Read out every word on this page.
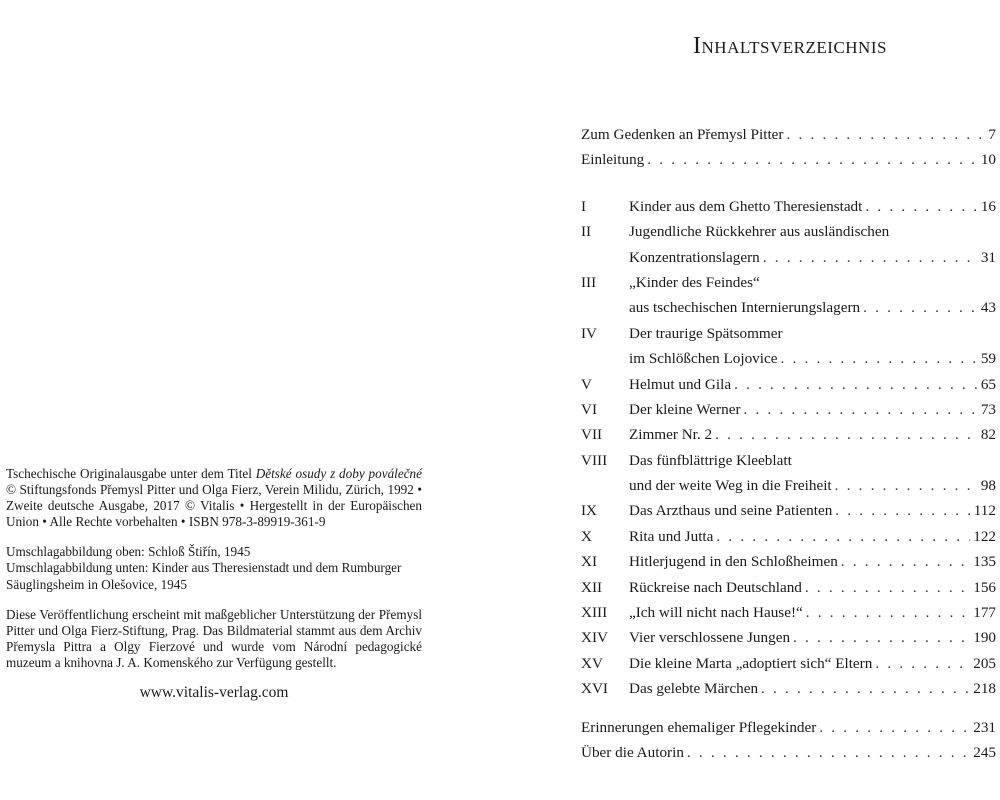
Tschechische Originalausgabe unter dem Titel Dětské osudy z doby poválečné © Stiftungsfonds Přemysl Pitter und Olga Fierz, Verein Milidu, Zürich, 1992 • Zweite deutsche Ausgabe, 2017 © Vitalis • Hergestellt in der Europäischen Union • Alle Rechte vorbehalten • ISBN 978-3-89919-361-9

Umschlagabbildung oben: Schloß Štiřín, 1945
Umschlagabbildung unten: Kinder aus Theresienstadt und dem Rumburger Säuglingsheim in Olešovice, 1945

Diese Veröffentlichung erscheint mit maßgeblicher Unterstützung der Přemysl Pitter und Olga Fierz-Stiftung, Prag. Das Bildmaterial stammt aus dem Archiv Přemysla Pittra a Olgy Fierzové und wurde vom Národní pedagogické muzeum a knihovna J. A. Komenského zur Verfügung gestellt.

www.vitalis-verlag.com
Inhaltsverzeichnis
Zum Gedenken an Přemysl Pitter . . .	7
Einleitung . . .	10
I	Kinder aus dem Ghetto Theresienstadt . . .	16
II	Jugendliche Rückkehrer aus ausländischen
Konzentrationslagern . . .	31
III	„Kinder des Feindes“
aus tschechischen Internierungslagern . . .	43
IV	Der traurige Spätsommer
im Schlößchen Lojovice . . .	59
V	Helmut und Gila . . .	65
VI	Der kleine Werner . . .	73
VII	Zimmer Nr. 2 . . .	82
VIII	Das fünfblättrige Kleeblatt
und der weite Weg in die Freiheit . . .	98
IX	Das Arzthaus und seine Patienten . . .	112
X	Rita und Jutta . . .	122
XI	Hitlerjugend in den Schloßheimen . . .	135
XII	Rückreise nach Deutschland . . .	156
XIII	„Ich will nicht nach Hause!“ . . .	177
XIV	Vier verschlossene Jungen . . .	190
XV	Die kleine Marta „adoptiert sich“ Eltern . . .	205
XVI	Das gelebte Märchen . . .	218
Erinnerungen ehemaliger Pflegekinder . . .	231
Über die Autorin . . .	245
